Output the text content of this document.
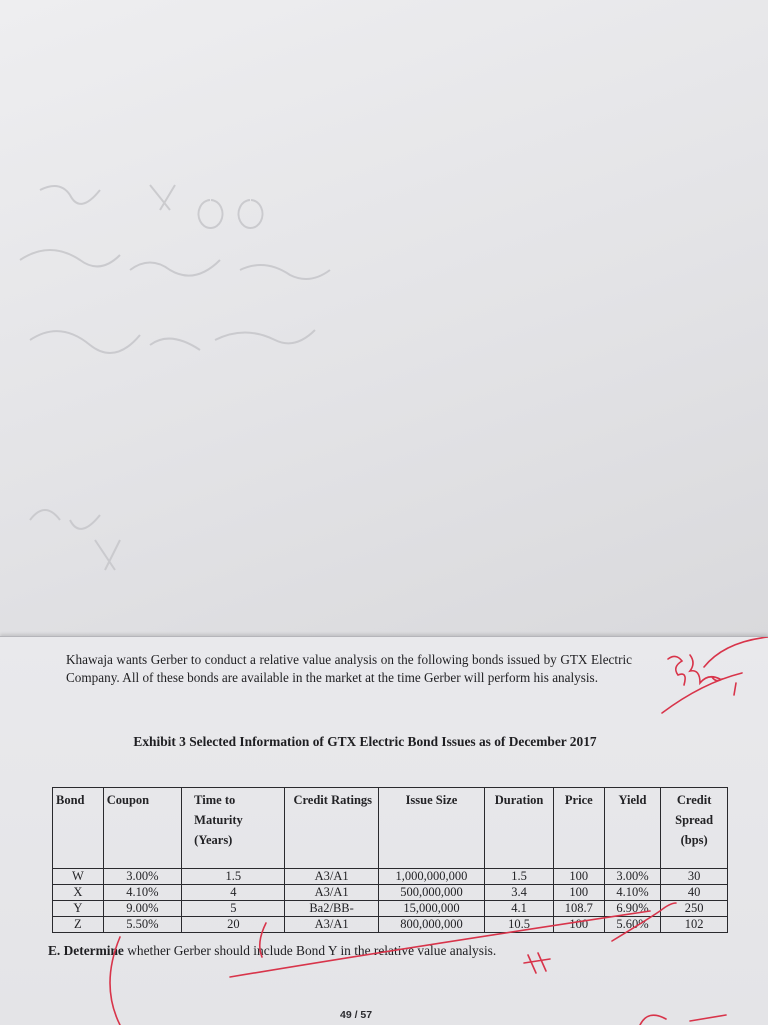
Khawaja wants Gerber to conduct a relative value analysis on the following bonds issued by GTX Electric Company. All of these bonds are available in the market at the time Gerber will perform his analysis.
Exhibit 3 Selected Information of GTX Electric Bond Issues as of December 2017
Bond	Coupon	Time to Maturity (Years)	Credit Ratings	Issue Size	Duration	Price	Yield	Credit Spread (bps)
W	3.00%	1.5	A3/A1	1,000,000,000	1.5	100	3.00%	30
X	4.10%	4	A3/A1	500,000,000	3.4	100	4.10%	40
Y	9.00%	5	Ba2/BB-	15,000,000	4.1	108.7	6.90%	250
Z	5.50%	20	A3/A1	800,000,000	10.5	100	5.60%	102
E. Determine whether Gerber should include Bond Y in the relative value analysis.
49 / 57
